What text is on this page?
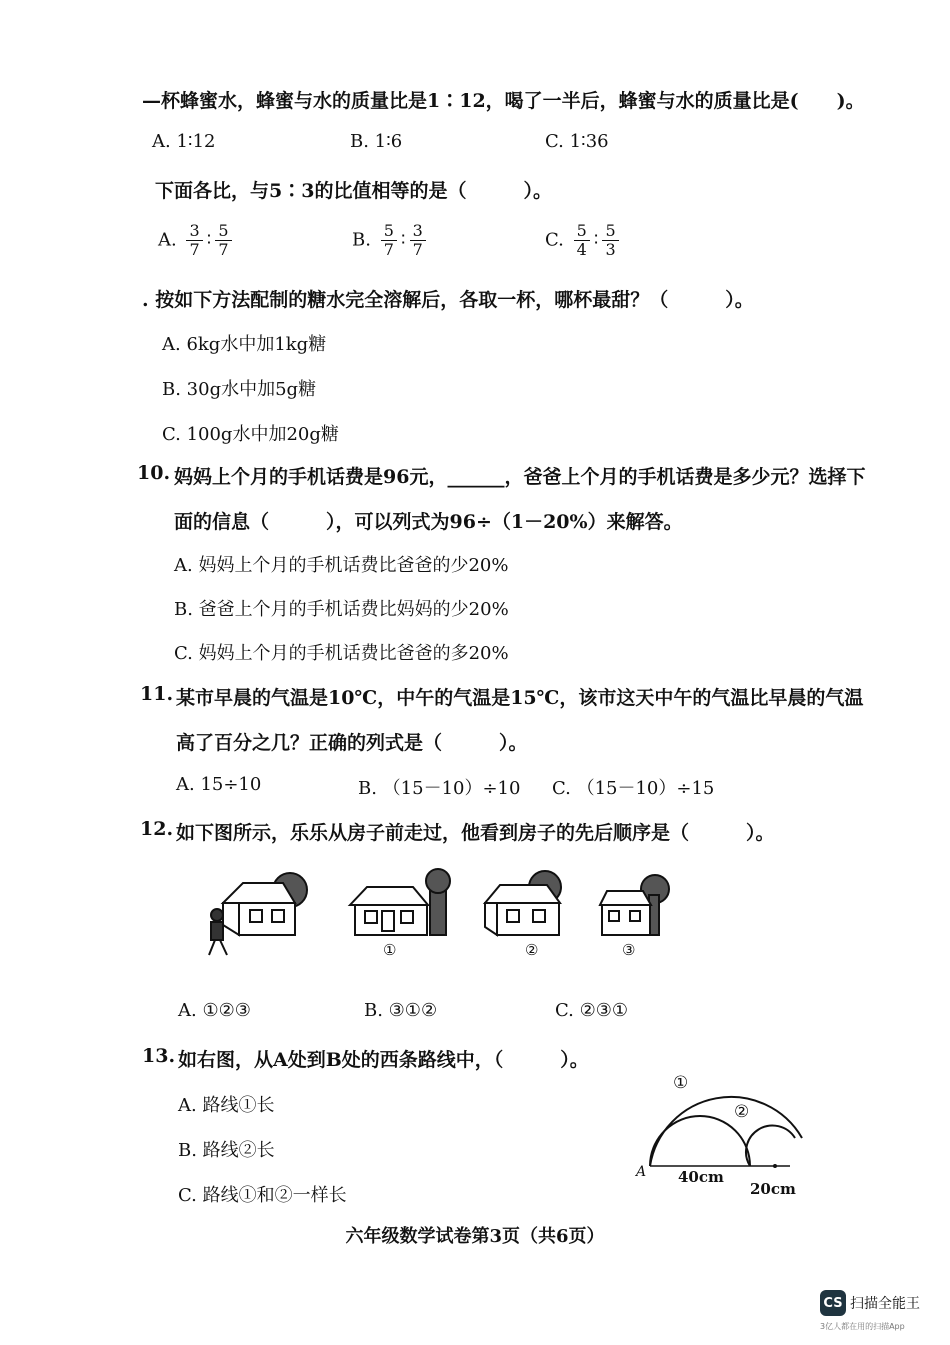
—杯蜂蜜水，蜂蜜与水的质量比是1∶12，喝了一半后，蜂蜜与水的质量比是(　　)。
A. 1∶12	B. 1∶6	C. 1∶36
下面各比，与5∶3的比值相等的是（　　　）。
A. $\frac{3}{7}$ ∶ $\frac{5}{7}$	B. $\frac{5}{7}$ ∶ $\frac{3}{7}$	C. $\frac{5}{4}$ ∶ $\frac{5}{3}$
. 按如下方法配制的糖水完全溶解后，各取一杯，哪杯最甜？（　　　）。
A. 6kg水中加1kg糖
B. 30g水中加5g糖
C. 100g水中加20g糖
10. 妈妈上个月的手机话费是96元，______，爸爸上个月的手机话费是多少元？选择下
面的信息（　　　），可以列式为96÷（1－20%）来解答。
A. 妈妈上个月的手机话费比爸爸的少20%
B. 爸爸上个月的手机话费比妈妈的少20%
C. 妈妈上个月的手机话费比爸爸的多20%
11. 某市早晨的气温是10℃，中午的气温是15℃，该市这天中午的气温比早晨的气温
高了百分之几？正确的列式是（　　　）。
A. 15÷10	B. （15－10）÷10 C. （15－10）÷15
12. 如下图所示，乐乐从房子前走过，他看到房子的先后顺序是（　　　）。
①	②	③
A. ①②③	B. ③①②	C. ②③①
13. 如右图，从A处到B处的西条路线中，（　　　）。
A. 路线①长
B. 路线②长
C. 路线①和②一样长
①
②
A 40cm
20cm
六年级数学试卷第3页（共6页）
CS 扫描全能王
3亿人都在用的扫描App
